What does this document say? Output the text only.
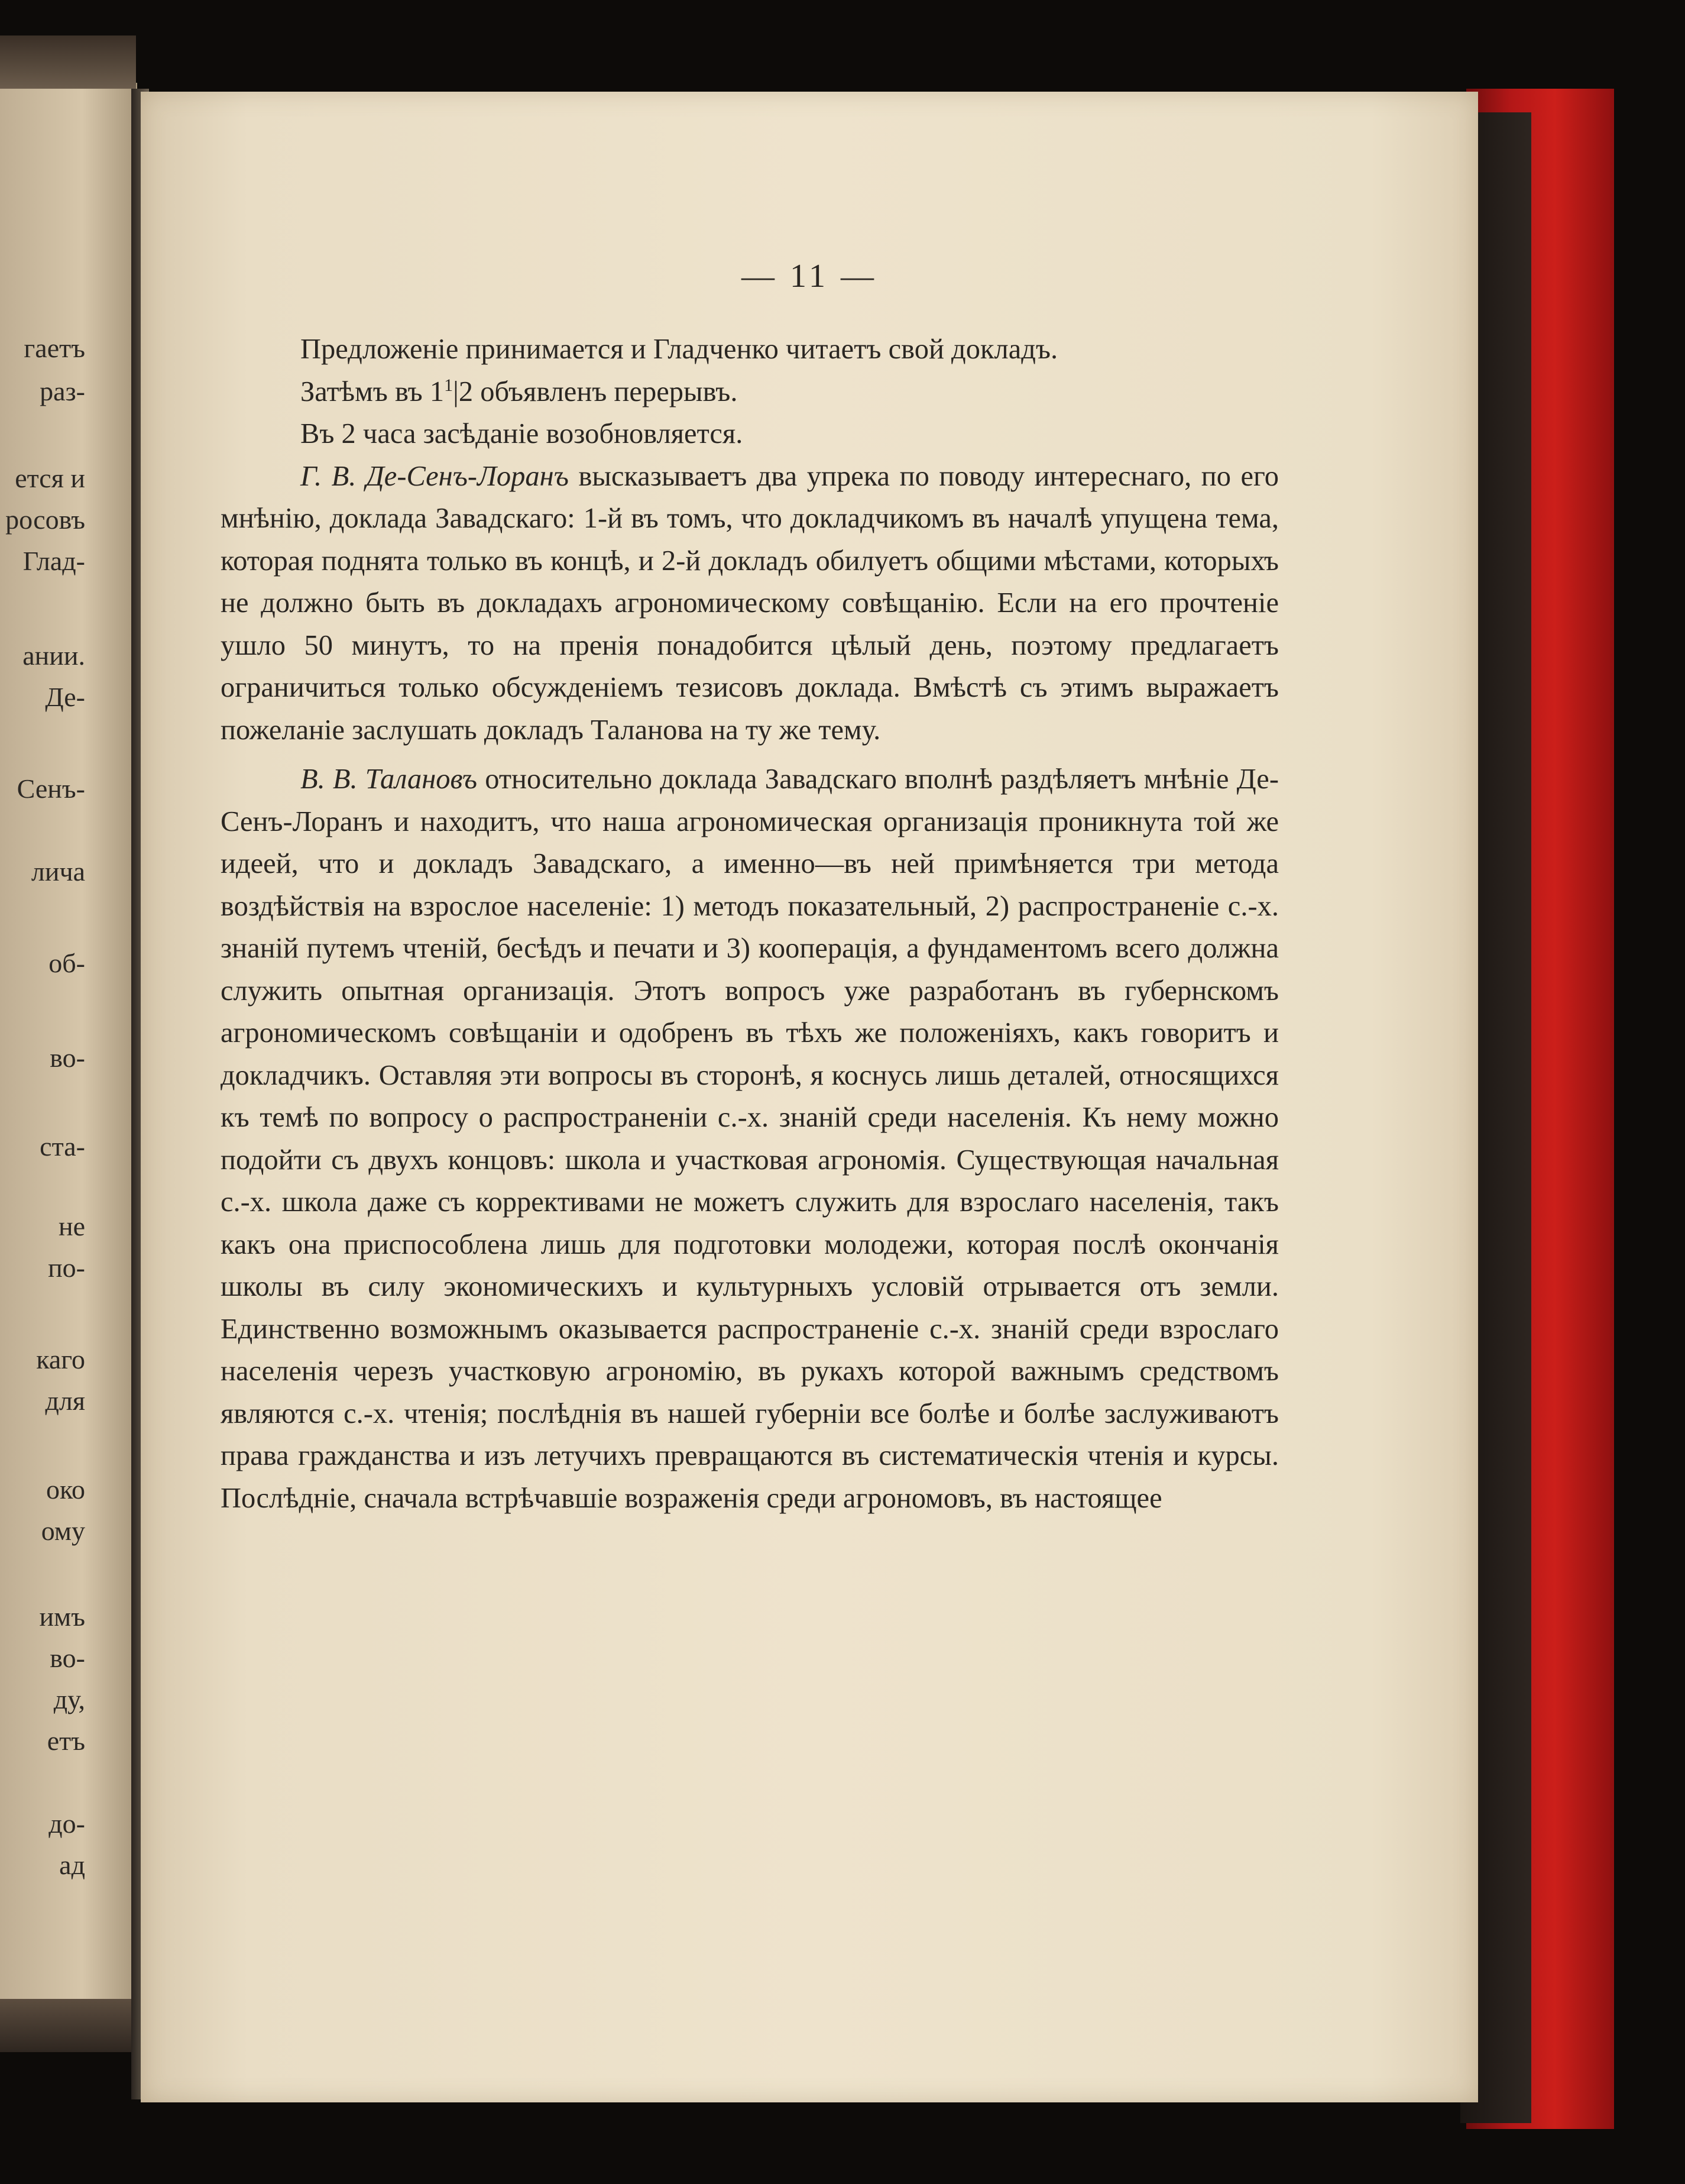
гаетъ
раз-
ется и
росовъ
Глад-
ании.
Де-
Сенъ-
лича
об-
во-
ста-
не
по-
каго
для
око
ому
имъ
во-
ду,
етъ
до-
ад
— 11 —

Предложеніе принимается и Гладченко читаетъ свой докладъ.

Затѣмъ въ $1^1|2$ объявленъ перерывъ.

Въ 2 часа засѣданіе возобновляется.

Г. В. Де-Сенъ-Лоранъ высказываетъ два упрека по поводу интереснаго, по его мнѣнію, доклада Завадскаго: 1-й въ томъ, что докладчикомъ въ началѣ упущена тема, которая поднята только въ концѣ, и 2-й докладъ обилуетъ общими мѣстами, которыхъ не должно быть въ докладахъ агрономическому совѣщанію. Если на его прочтеніе ушло 50 минутъ, то на пренія понадобится цѣлый день, поэтому предлагаетъ ограничиться только обсужденіемъ тезисовъ доклада. Вмѣстѣ съ этимъ выражаетъ пожеланіе заслушать докладъ Таланова на ту же тему.

В. В. Талановъ относительно доклада Завадскаго вполнѣ раздѣляетъ мнѣніе Де-Сенъ-Лоранъ и находитъ, что наша агрономическая организація проникнута той же идеей, что и докладъ Завадскаго, а именно—въ ней примѣняется три метода воздѣйствія на взрослое населеніе: 1) методъ показательный, 2) распространеніе с.-х. знаній путемъ чтеній, бесѣдъ и печати и 3) кооперація, а фундаментомъ всего должна служить опытная организація. Этотъ вопросъ уже разработанъ въ губернскомъ агрономическомъ совѣщаніи и одобренъ въ тѣхъ же положеніяхъ, какъ говоритъ и докладчикъ. Оставляя эти вопросы въ сторонѣ, я коснусь лишь деталей, относящихся къ темѣ по вопросу о распространеніи с.-х. знаній среди населенія. Къ нему можно подойти съ двухъ концовъ: школа и участковая агрономія. Существующая начальная с.-х. школа даже съ коррективами не можетъ служить для взрослаго населенія, такъ какъ она приспособлена лишь для подготовки молодежи, которая послѣ окончанія школы въ силу экономическихъ и культурныхъ условій отрывается отъ земли. Единственно возможнымъ оказывается распространеніе с.-х. знаній среди взрослаго населенія черезъ участковую агрономію, въ рукахъ которой важнымъ средствомъ являются с.-х. чтенія; послѣднія въ нашей губерніи все болѣе и болѣе заслуживаютъ права гражданства и изъ летучихъ превращаются въ систематическія чтенія и курсы. Послѣдніе, сначала встрѣчавшіе возраженія среди агрономовъ, въ настоящее
